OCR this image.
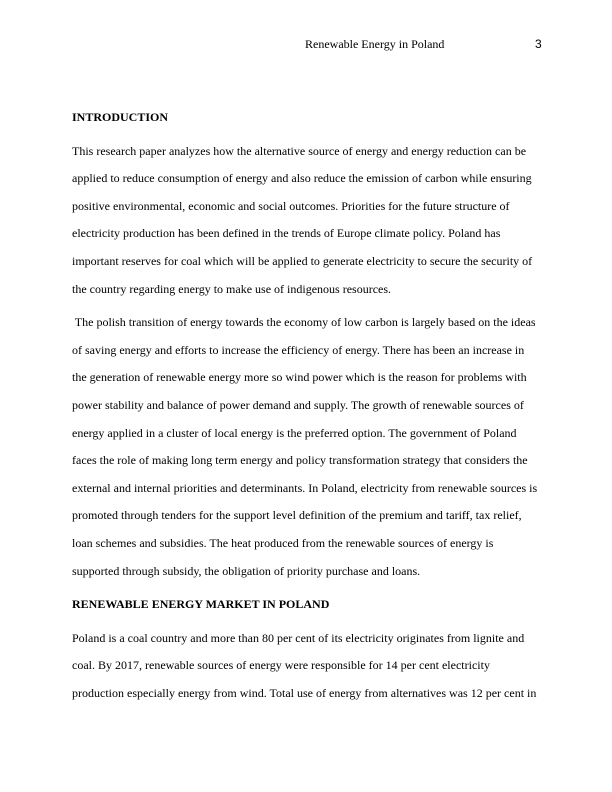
Renewable Energy in Poland	3

INTRODUCTION

This research paper analyzes how the alternative source of energy and energy reduction can be
applied to reduce consumption of energy and also reduce the emission of carbon while ensuring
positive environmental, economic and social outcomes. Priorities for the future structure of
electricity production has been defined in the trends of Europe climate policy. Poland has
important reserves for coal which will be applied to generate electricity to secure the security of
the country regarding energy to make use of indigenous resources.

The polish transition of energy towards the economy of low carbon is largely based on the ideas
of saving energy and efforts to increase the efficiency of energy. There has been an increase in
the generation of renewable energy more so wind power which is the reason for problems with
power stability and balance of power demand and supply. The growth of renewable sources of
energy applied in a cluster of local energy is the preferred option. The government of Poland
faces the role of making long term energy and policy transformation strategy that considers the
external and internal priorities and determinants. In Poland, electricity from renewable sources is
promoted through tenders for the support level definition of the premium and tariff, tax relief,
loan schemes and subsidies. The heat produced from the renewable sources of energy is
supported through subsidy, the obligation of priority purchase and loans.

RENEWABLE ENERGY MARKET IN POLAND

Poland is a coal country and more than 80 per cent of its electricity originates from lignite and
coal. By 2017, renewable sources of energy were responsible for 14 per cent electricity
production especially energy from wind. Total use of energy from alternatives was 12 per cent in
